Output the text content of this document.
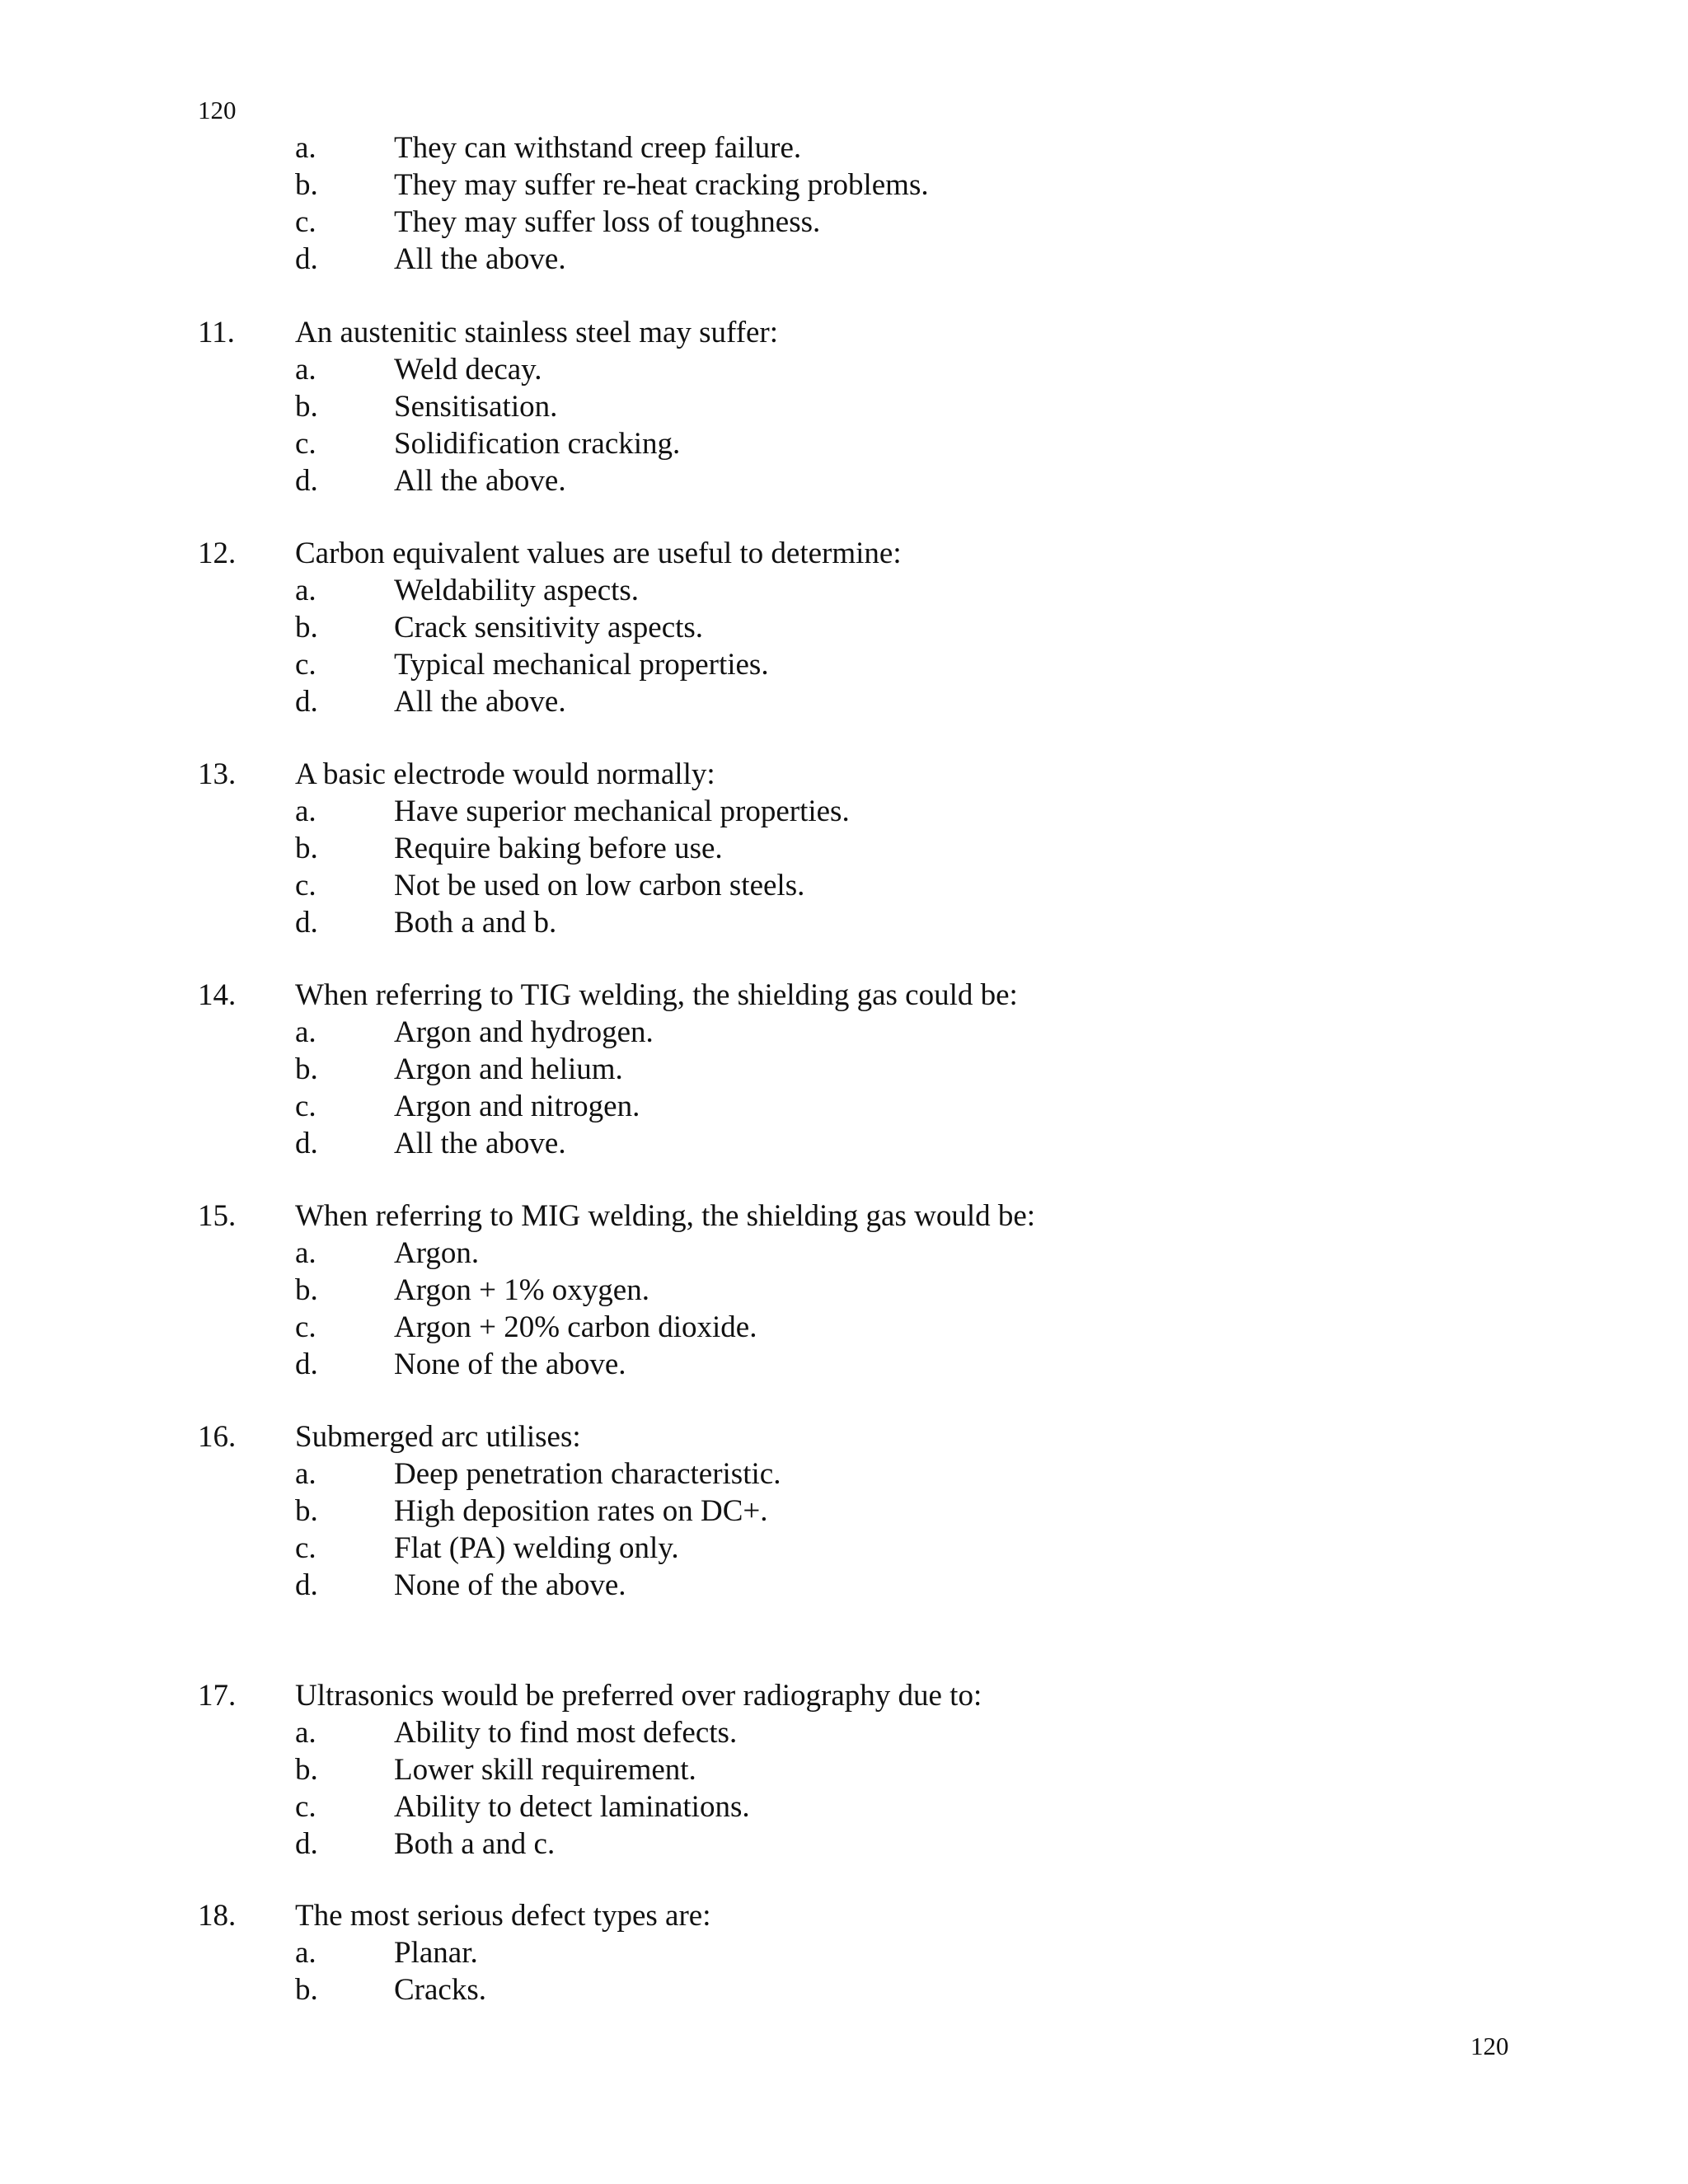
120
a.	They can withstand creep failure.
b. They may suffer re-heat cracking problems.
c.	They may suffer loss of toughness.
d. All the above.
11. An austenitic stainless steel may suffer:
a.	Weld decay.
b. Sensitisation.
c.	Solidification cracking.
d. All the above.
12. Carbon equivalent values are useful to determine:
a.	Weldability aspects.
b. Crack sensitivity aspects.
c.	Typical mechanical properties.
d. All the above.
13. A basic electrode would normally:
a.	Have superior mechanical properties.
b. Require baking before use.
c.	Not be used on low carbon steels.
d. Both a and b.
14. When referring to TIG welding, the shielding gas could be:
a.	Argon and hydrogen.
b. Argon and helium.
c.	Argon and nitrogen.
d. All the above.
15. When referring to MIG welding, the shielding gas would be:
a.	Argon.
b. Argon + 1% oxygen.
c.	Argon + 20% carbon dioxide.
d. None of the above.
16. Submerged arc utilises:
a.	Deep penetration characteristic.
b. High deposition rates on DC+.
c.	Flat (PA) welding only.
d. None of the above.
17. Ultrasonics would be preferred over radiography due to:
a.	Ability to find most defects.
b. Lower skill requirement.
c.	Ability to detect laminations.
d. Both a and c.
18. The most serious defect types are:
a.	Planar.
b. Cracks.
120
